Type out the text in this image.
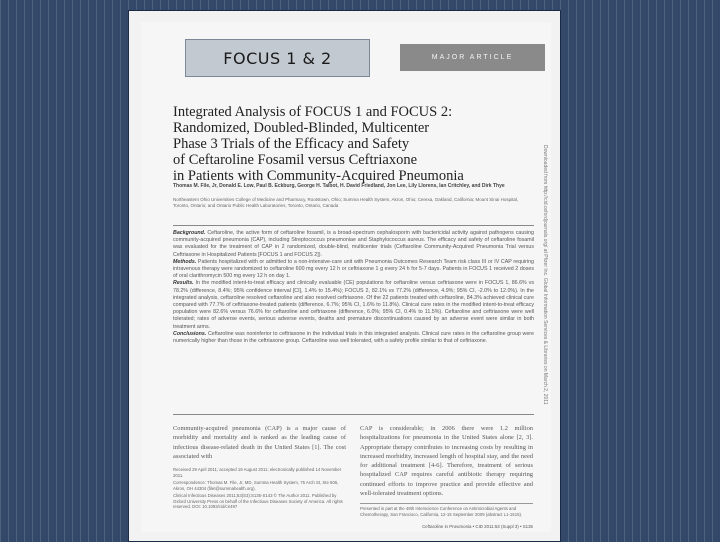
FOCUS 1 & 2	MAJOR ARTICLE
Integrated Analysis of FOCUS 1 and FOCUS 2:
Randomized, Doubled-Blinded, Multicenter
Phase 3 Trials of the Efficacy and Safety
of Ceftaroline Fosamil versus Ceftriaxone
in Patients with Community-Acquired Pneumonia
Thomas M. File, Jr, Donald E. Low, Paul B. Eckburg, George H. Talbot, H. David Friedland, Jon Lee, Lily Llorens, Ian Critchley, and Dirk Thye
Northeastern Ohio Universities College of Medicine and Pharmacy, Rootstown, Ohio; Summa Health System, Akron, Ohio; Cerexa, Oakland, California; Mount Sinai Hospital, Toronto, Ontario; and Ontario Public Health Laboratories, Toronto, Ontario, Canada

Background. Ceftaroline, the active form of ceftaroline fosamil, is a broad-spectrum cephalosporin with bactericidal activity against pathogens causing community-acquired pneumonia (CAP), including Streptococcus pneumoniae and Staphylococcus aureus. The efficacy and safety of ceftaroline fosamil was evaluated for the treatment of CAP in 2 randomized, double-blind, multicenter trials (Ceftaroline Community-Acquired Pneumonia Trial versus Ceftriaxone in Hospitalized Patients [FOCUS 1 and FOCUS 2]).

Methods. Patients hospitalized with or admitted to a non-intensive-care unit with Pneumonia Outcomes Research Team risk class III or IV CAP requiring intravenous therapy were randomized to ceftaroline 600 mg every 12 h or ceftriaxone 1 g every 24 h for 5-7 days. Patients in FOCUS 1 received 2 doses of oral clarithromycin 500 mg every 12 h on day 1.

Results. In the modified intent-to-treat efficacy and clinically evaluable (CE) populations for ceftaroline versus ceftriaxone were in FOCUS 1, 86.6% vs 78.2% (difference, 8.4%; 95% confidence interval [CI], 1.4% to 15.4%); FOCUS 2, 82.1% vs 77.2% (difference, 4.9%; 95% CI, -2.0% to 12.0%). In the integrated analysis, ceftaroline resolved ceftaroline and also resolved ceftriaxone. Of the 22 patients treated with ceftaroline, 84.3% achieved clinical cure compared with 77.7% of ceftriaxone-treated patients (difference, 6.7%; 95% CI, 1.6% to 11.8%). Clinical cure rates in the modified intent-to-treat efficacy population were 82.6% versus 76.6% for ceftaroline and ceftriaxone (difference, 6.0%; 95% CI, 0.4% to 11.5%). Ceftaroline and ceftriaxone were well tolerated; rates of adverse events, serious adverse events, deaths and premature discontinuations caused by an adverse event were similar in both treatment arms.

Conclusions. Ceftaroline was noninferior to ceftriaxone in the individual trials in this integrated analysis. Clinical cure rates in the ceftaroline group were numerically higher than those in the ceftriaxone group. Ceftaroline was well tolerated, with a safety profile similar to that of ceftriaxone.

Community-acquired pneumonia (CAP) is a major cause of morbidity and mortality and is ranked as the leading cause of infectious disease-related death in the United States [1]. The cost associated with
CAP is considerable; in 2006 there were 1.2 million hospitalizations for pneumonia in the United States alone [2, 3]. Appropriate therapy contributes to increasing costs by resulting in increased morbidity, increased length of hospital stay, and the need for additional treatment [4-6]. Therefore, treatment of serious hospitalized CAP requires careful antibiotic therapy requiring continued efforts to improve practice and provide effective and well-tolerated treatment options.

Received 29 April 2011; accepted 19 August 2011; electronically published 14 November 2011.

Correspondence: Thomas M. File, Jr, MD, Summa Health System, 75 Arch St, Ste 506, Akron, OH 44304 (filet@summahealth.org).

Clinical Infectious Diseases 2011;53(S3):S135-S143 © The Author 2011. Published by Oxford University Press on behalf of the Infectious Diseases Society of America. All rights reserved. DOI: 10.1093/cid/cir497	Presented in part at the 49th Interscience Conference on Antimicrobial Agents and Chemotherapy, San Francisco, California, 12-15 September 2009 (abstract L1-1515).
Ceftaroline in Pneumonia • CID 2011:53 (Suppl 3) • S135
Downloaded from http://cid.oxfordjournals.org/ at Pfizer Inc. Global Information Services & Libraries on March 2, 2011
